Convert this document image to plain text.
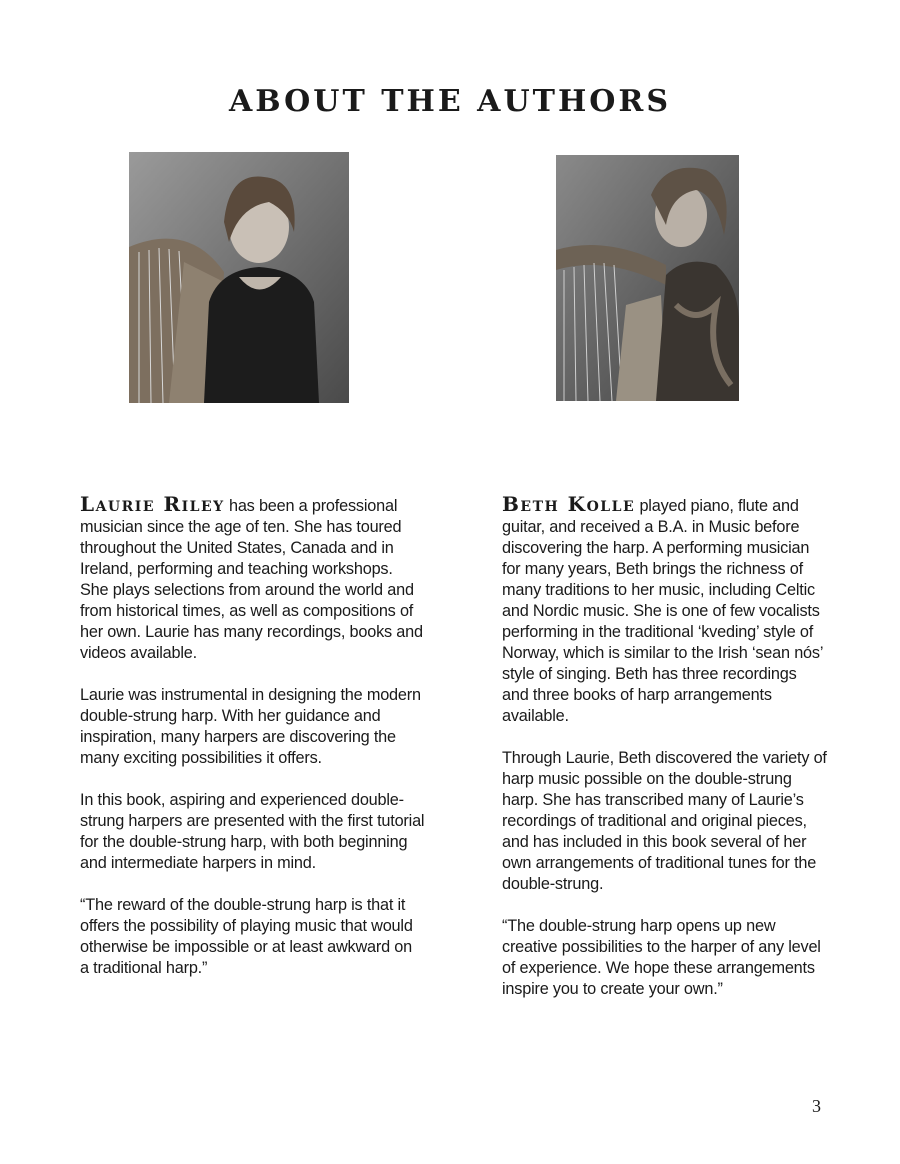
ABOUT THE AUTHORS

Laurie Riley has been a professional musician since the age of ten. She has toured throughout the United States, Canada and in Ireland, performing and teaching workshops. She plays selections from around the world and from historical times, as well as compositions of her own. Laurie has many recordings, books and videos available.

Laurie was instrumental in designing the modern double-strung harp. With her guidance and inspiration, many harpers are discovering the many exciting possibilities it offers.

In this book, aspiring and experienced double-strung harpers are presented with the first tutorial for the double-strung harp, with both beginning and intermediate harpers in mind.

“The reward of the double-strung harp is that it offers the possibility of playing music that would otherwise be impossible or at least awkward on a traditional harp.”

Beth Kolle played piano, flute and guitar, and received a B.A. in Music before discovering the harp. A performing musician for many years, Beth brings the richness of many traditions to her music, including Celtic and Nordic music. She is one of few vocalists performing in the traditional ‘kveding’ style of Norway, which is similar to the Irish ‘sean nós’ style of singing. Beth has three recordings and three books of harp arrangements available.

Through Laurie, Beth discovered the variety of harp music possible on the double-strung harp. She has transcribed many of Laurie’s recordings of traditional and original pieces, and has included in this book several of her own arrangements of traditional tunes for the double-strung.

“The double-strung harp opens up new creative possibilities to the harper of any level of experience. We hope these arrangements inspire you to create your own.”

3
